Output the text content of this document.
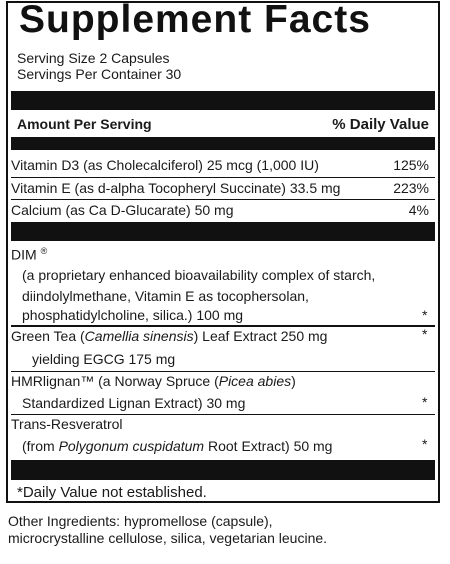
Supplement Facts
Serving Size 2 Capsules
Servings Per Container 30
Amount Per Serving	% Daily Value
Vitamin D3 (as Cholecalciferol) 25 mcg (1,000 IU)	125%
Vitamin E (as d-alpha Tocopheryl Succinate) 33.5 mg	223%
Calcium (as Ca D-Glucarate) 50 mg	4%
DIM ®
(a proprietary enhanced bioavailability complex of starch,
diindolylmethane, Vitamin E as tocophersolan,
phosphatidylcholine, silica.) 100 mg	*
Green Tea (Camellia sinensis) Leaf Extract 250 mg	*
yielding EGCG 175 mg
HMRlignan™ (a Norway Spruce (Picea abies)
Standardized Lignan Extract) 30 mg	*
Trans-Resveratrol
(from Polygonum cuspidatum Root Extract) 50 mg	*
*Daily Value not established.
Other Ingredients: hypromellose (capsule),
microcrystalline cellulose, silica, vegetarian leucine.
